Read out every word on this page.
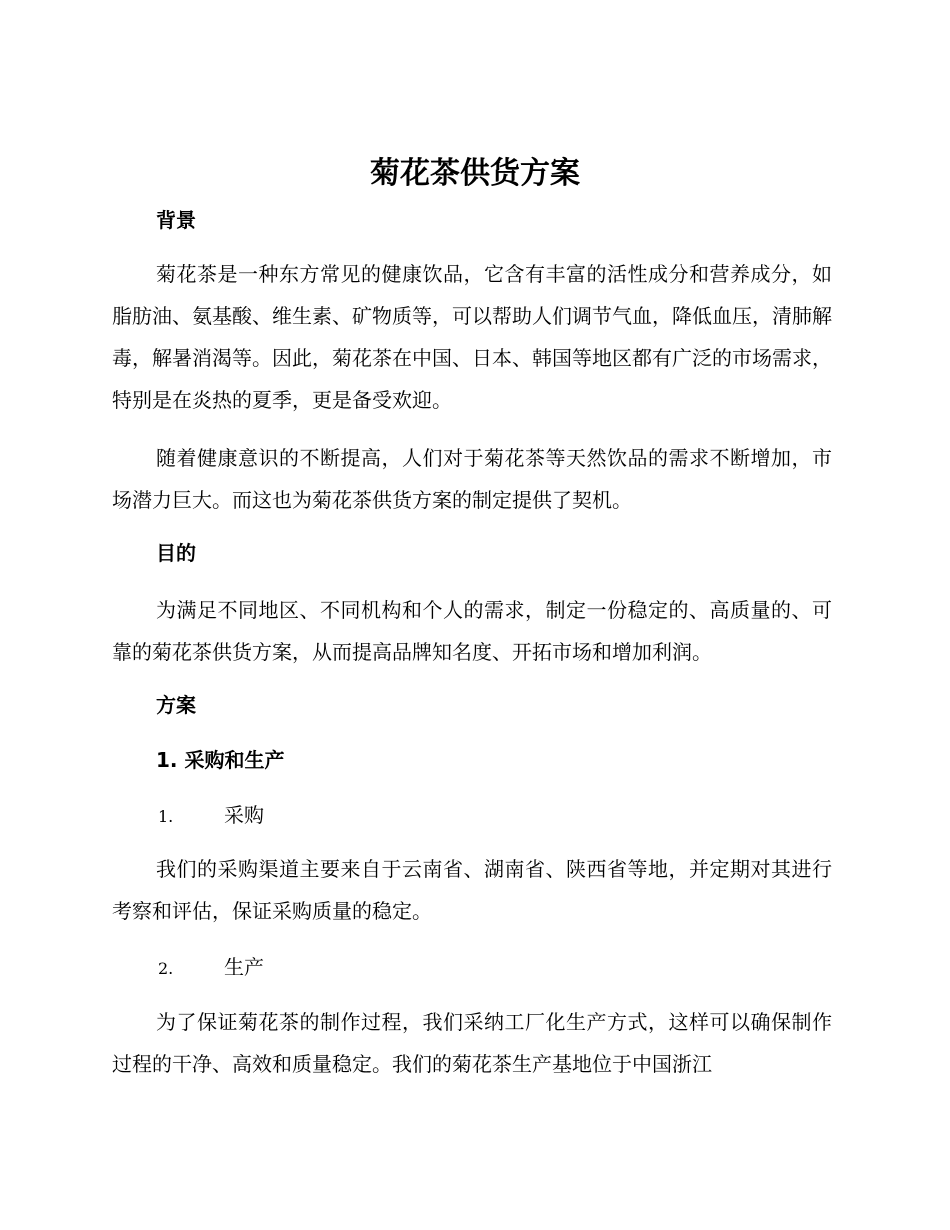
菊花茶供货方案
背景

菊花茶是一种东方常见的健康饮品，它含有丰富的活性成分和营养成分，如脂肪油、氨基酸、维生素、矿物质等，可以帮助人们调节气血，降低血压，清肺解毒，解暑消渴等。因此，菊花茶在中国、日本、韩国等地区都有广泛的市场需求，特别是在炎热的夏季，更是备受欢迎。

随着健康意识的不断提高，人们对于菊花茶等天然饮品的需求不断增加，市场潜力巨大。而这也为菊花茶供货方案的制定提供了契机。

目的

为满足不同地区、不同机构和个人的需求，制定一份稳定的、高质量的、可靠的菊花茶供货方案，从而提高品牌知名度、开拓市场和增加利润。

方案
1. 采购和生产
1.	采购

我们的采购渠道主要来自于云南省、湖南省、陕西省等地，并定期对其进行考察和评估，保证采购质量的稳定。

2.	生产

为了保证菊花茶的制作过程，我们采纳工厂化生产方式，这样可以确保制作过程的干净、高效和质量稳定。我们的菊花茶生产基地位于中国浙江
